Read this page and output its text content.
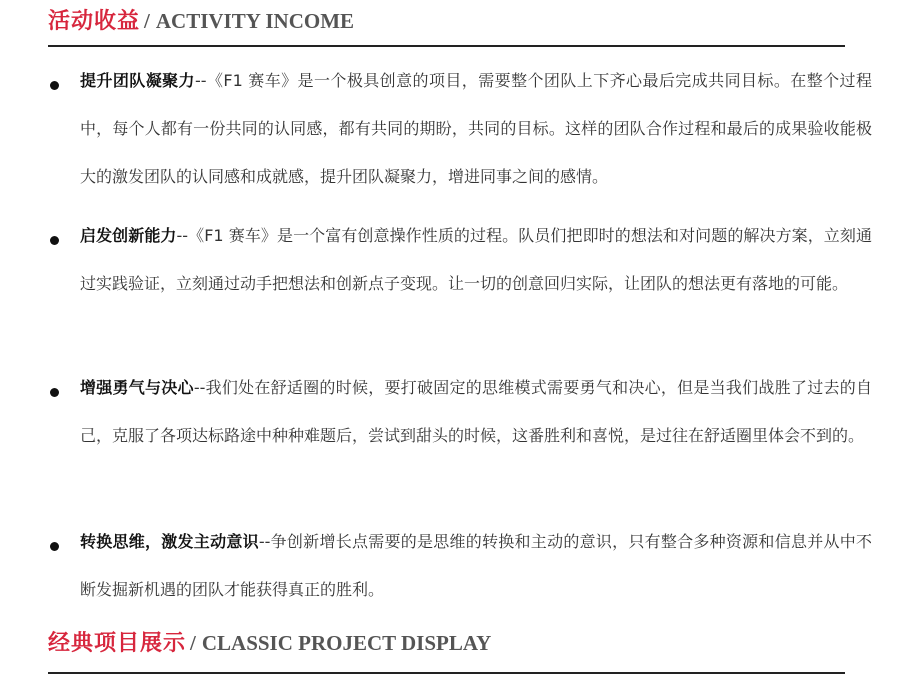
活动收益 / ACTIVITY INCOME
提升团队凝聚力--《F1 赛车》是一个极具创意的项目，需要整个团队上下齐心最后完成共同目标。在整个过程中，每个人都有一份共同的认同感，都有共同的期盼，共同的目标。这样的团队合作过程和最后的成果验收能极大的激发团队的认同感和成就感，提升团队凝聚力，增进同事之间的感情。
启发创新能力--《F1 赛车》是一个富有创意操作性质的过程。队员们把即时的想法和对问题的解决方案，立刻通过实践验证，立刻通过动手把想法和创新点子变现。让一切的创意回归实际，让团队的想法更有落地的可能。
增强勇气与决心--我们处在舒适圈的时候，要打破固定的思维模式需要勇气和决心，但是当我们战胜了过去的自己，克服了各项达标路途中种种难题后，尝试到甜头的时候，这番胜利和喜悦，是过往在舒适圈里体会不到的。
转换思维，激发主动意识--争创新增长点需要的是思维的转换和主动的意识，只有整合多种资源和信息并从中不断发掘新机遇的团队才能获得真正的胜利。
经典项目展示 / CLASSIC PROJECT DISPLAY
